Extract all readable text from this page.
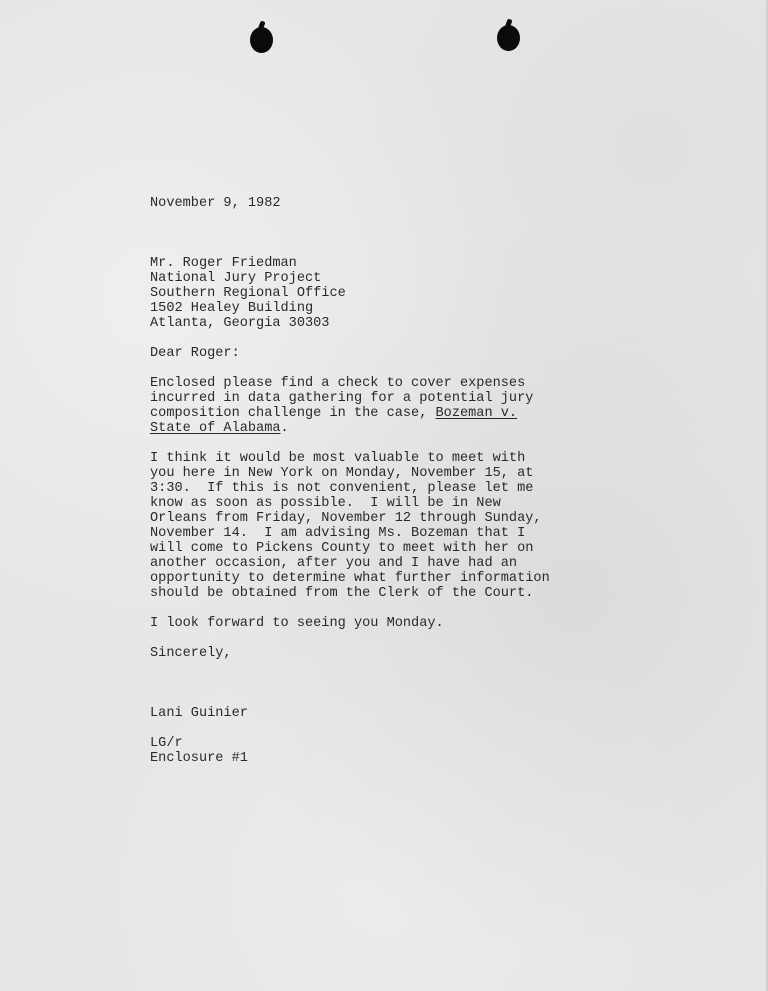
November 9, 1982

Mr. Roger Friedman

National Jury Project

Southern Regional Office

1502 Healey Building

Atlanta, Georgia 30303

Dear Roger:

Enclosed please find a check to cover expenses

incurred in data gathering for a potential jury

composition challenge in the case, Bozeman v.

State of Alabama.

I think it would be most valuable to meet with

you here in New York on Monday, November 15, at

3:30.  If this is not convenient, please let me

know as soon as possible.  I will be in New

Orleans from Friday, November 12 through Sunday,

November 14.  I am advising Ms. Bozeman that I

will come to Pickens County to meet with her on

another occasion, after you and I have had an

opportunity to determine what further information

should be obtained from the Clerk of the Court.

I look forward to seeing you Monday.

Sincerely,

Lani Guinier

LG/r

Enclosure #1
